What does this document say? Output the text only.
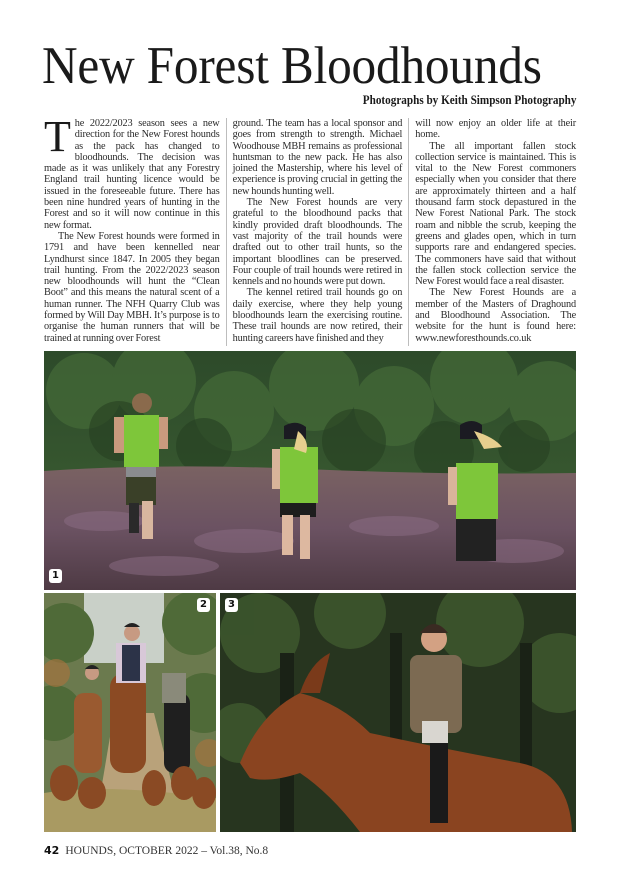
New Forest Bloodhounds
Photographs by Keith Simpson Photography

The 2022/2023 season sees a new direction for the New Forest hounds as the pack has changed to bloodhounds. The decision was made as it was unlikely that any Forestry England trail hunting licence would be issued in the foreseeable future. There has been nine hundred years of hunting in the Forest and so it will now continue in this new format.

The New Forest hounds were formed in 1791 and have been kennelled near Lyndhurst since 1847. In 2005 they began trail hunting. From the 2022/2023 season new bloodhounds will hunt the “Clean Boot” and this means the natural scent of a human runner. The NFH Quarry Club was formed by Will Day MBH. It’s purpose is to organise the human runners that will be trained at running over Forest

ground. The team has a local sponsor and goes from strength to strength. Michael Woodhouse MBH remains as professional huntsman to the new pack. He has also joined the Mastership, where his level of experience is proving crucial in getting the new hounds hunting well.

The New Forest hounds are very grateful to the bloodhound packs that kindly provided draft bloodhounds. The vast majority of the trail hounds were drafted out to other trail hunts, so the important bloodlines can be preserved. Four couple of trail hounds were retired in kennels and no hounds were put down.

The kennel retired trail hounds go on daily exercise, where they help young bloodhounds learn the exercising routine. These trail hounds are now retired, their hunting careers have finished and they

will now enjoy an older life at their home.

The all important fallen stock collection service is maintained. This is vital to the New Forest commoners especially when you consider that there are approximately thirteen and a half thousand farm stock depastured in the New Forest National Park. The stock roam and nibble the scrub, keeping the greens and glades open, which in turn supports rare and endangered species. The commoners have said that without the fallen stock collection service the New Forest would face a real disaster.

The New Forest Hounds are a member of the Masters of Draghound and Bloodhound Association. The website for the hunt is found here: www.newforesthounds.co.uk

1
2	3
42 HOUNDS, OCTOBER 2022 – Vol.38, No.8
